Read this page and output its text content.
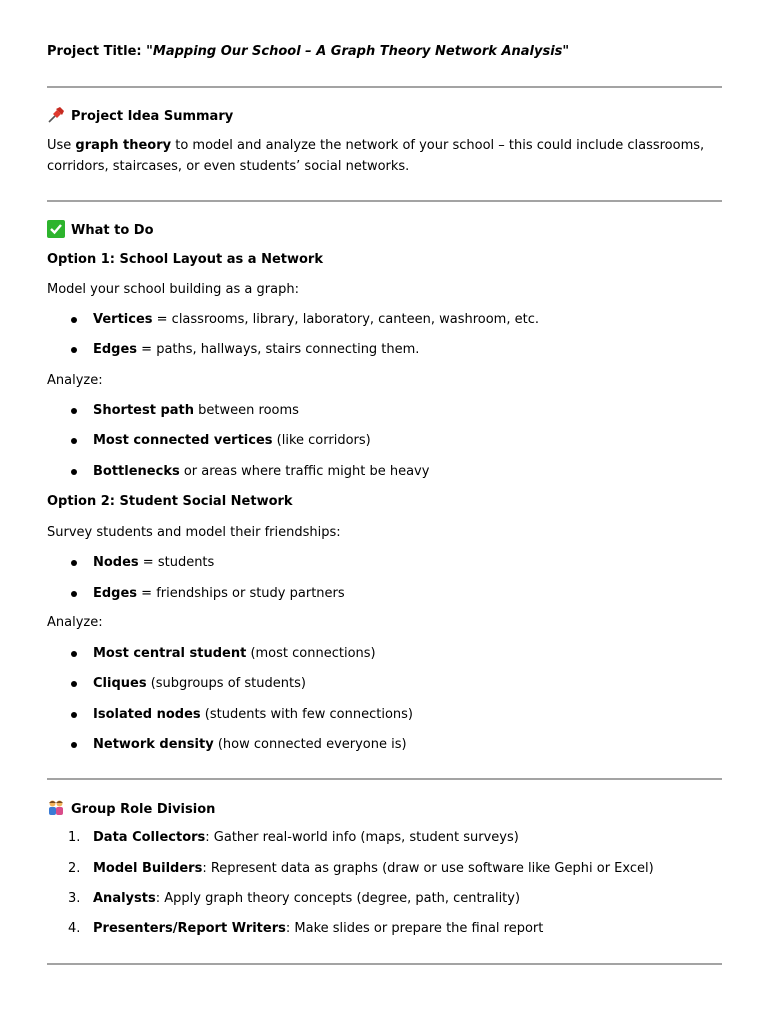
Project Title: "Mapping Our School – A Graph Theory Network Analysis"
Project Idea Summary
Use graph theory to model and analyze the network of your school – this could include classrooms,
corridors, staircases, or even students’ social networks.
What to Do
Option 1: School Layout as a Network
Model your school building as a graph:
Vertices = classrooms, library, laboratory, canteen, washroom, etc.
Edges = paths, hallways, stairs connecting them.
Analyze:
Shortest path between rooms
Most connected vertices (like corridors)
Bottlenecks or areas where traffic might be heavy
Option 2: Student Social Network
Survey students and model their friendships:
Nodes = students
Edges = friendships or study partners
Analyze:
Most central student (most connections)
Cliques (subgroups of students)
Isolated nodes (students with few connections)
Network density (how connected everyone is)
Group Role Division
1. Data Collectors: Gather real-world info (maps, student surveys)
2. Model Builders: Represent data as graphs (draw or use software like Gephi or Excel)
3. Analysts: Apply graph theory concepts (degree, path, centrality)
4. Presenters/Report Writers: Make slides or prepare the final report
